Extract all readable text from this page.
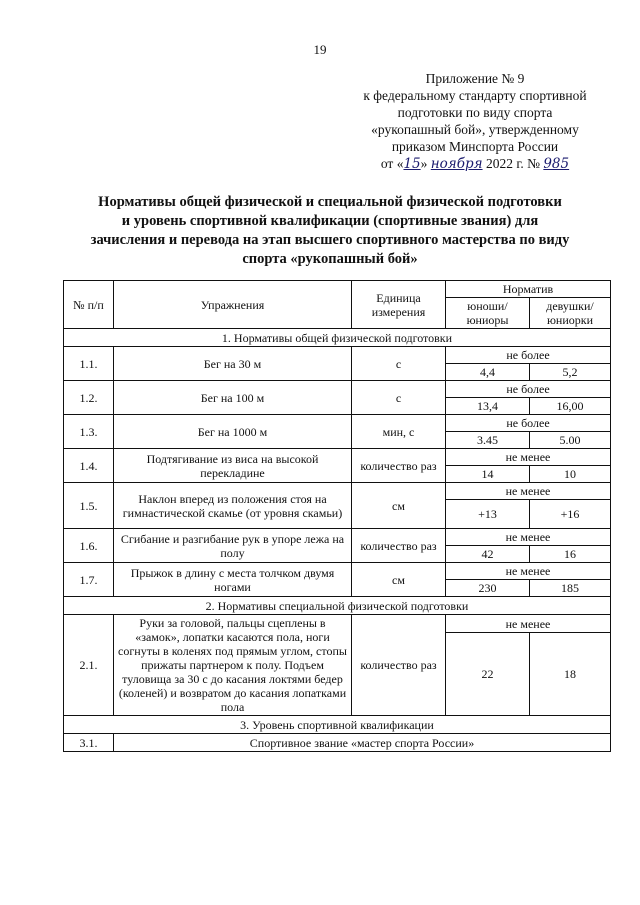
19
Приложение № 9
к федеральному стандарту спортивной
подготовки по виду спорта
«рукопашный бой», утвержденному
приказом Минспорта России
от «15» ноября 2022 г. № 985
Нормативы общей физической и специальной физической подготовки
и уровень спортивной квалификации (спортивные звания) для
зачисления и перевода на этап высшего спортивного мастерства по виду
спорта «рукопашный бой»
№ п/п	Упражнения	Единица измерения	Норматив	
			юноши/ юниоры	девушки/ юниорки
1. Нормативы общей физической подготовки				
1.1.	Бег на 30 м	с	не более	
			4,4	5,2
1.2.	Бег на 100 м	с	не более	
			13,4	16,00
1.3.	Бег на 1000 м	мин, с	не более	
			3.45	5.00
1.4.	Подтягивание из виса на высокой перекладине	количество раз	не менее	
			14	10
1.5.	Наклон вперед из положения стоя на гимнастической скамье (от уровня скамьи)	см	не менее	
			+13	+16
1.6.	Сгибание и разгибание рук в упоре лежа на полу	количество раз	не менее	
			42	16
1.7.	Прыжок в длину с места толчком двумя ногами	см	не менее	
			230	185
2. Нормативы специальной физической подготовки				
2.1.	Руки за головой, пальцы сцеплены в «замок», лопатки касаются пола, ноги согнуты в коленях под прямым углом, стопы прижаты партнером к полу. Подъем туловища за 30 с до касания локтями бедер (коленей) и возвратом до касания лопатками пола	количество раз	не менее	
			22	18
3. Уровень спортивной квалификации				
3.1.	Спортивное звание «мастер спорта России»			
